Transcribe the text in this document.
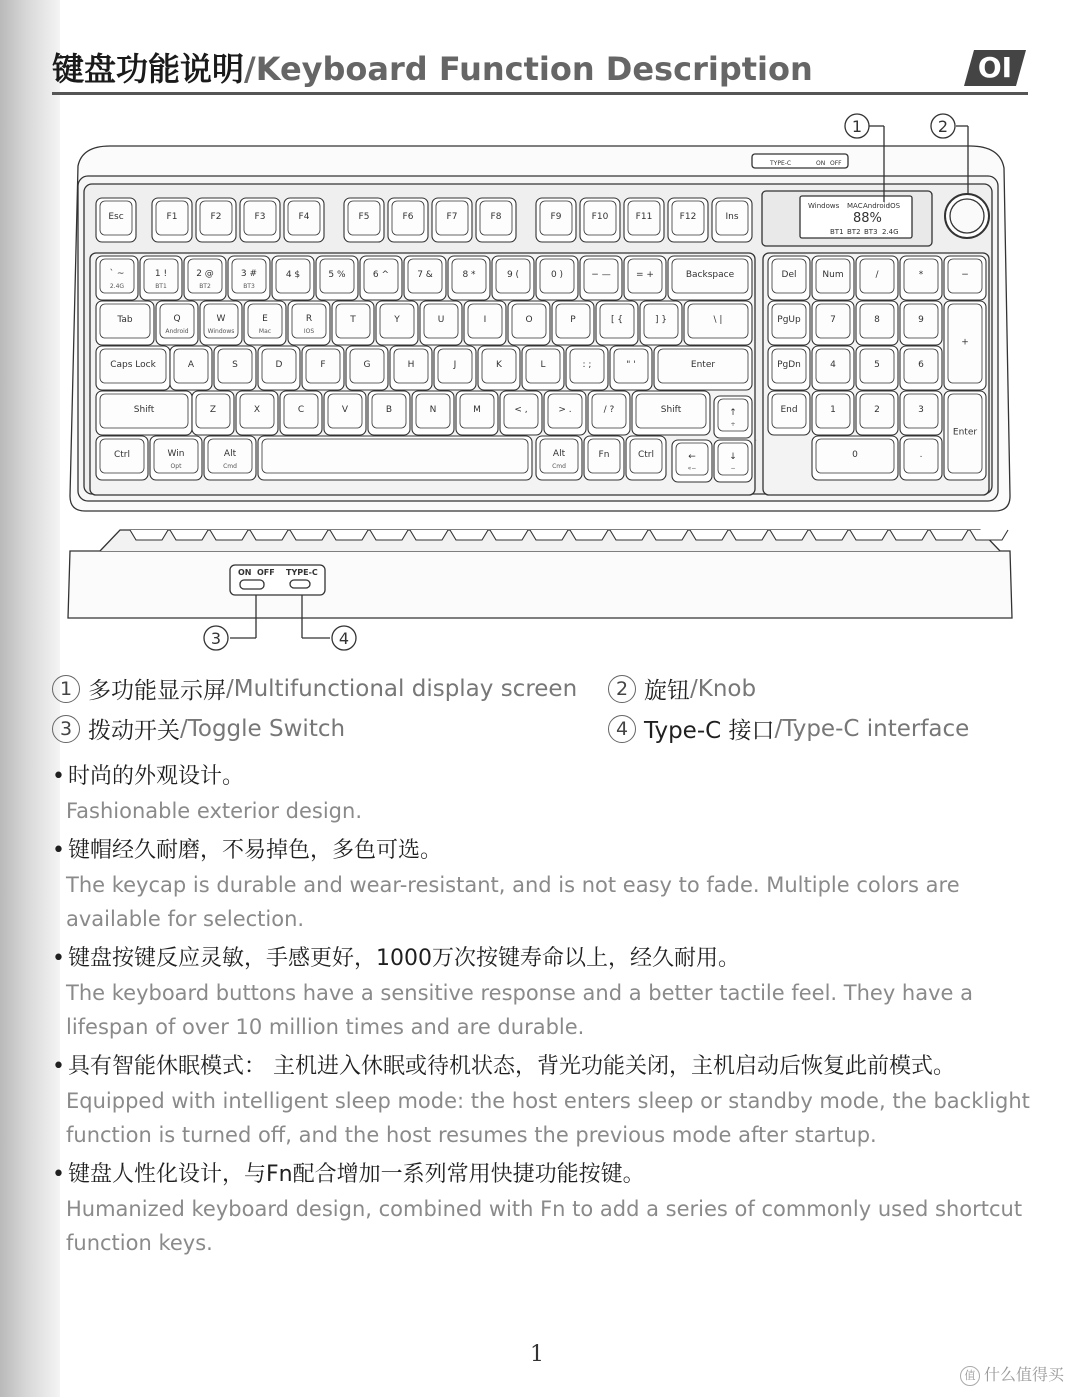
键盘功能说明/Keyboard Function Description	OI
Esc	F1	F2	F3	F4	F5	F6	F7	F8	F9	F10	F11	F12	Ins
` ~
2.4G
1 !
BT1
2 @
BT2
3 #
BT3
4 $	5 %	6 ^	7 &	8 *	9 (	0 )	− —	= +	Backspace
Tab	Q
Android
W
Windows
E
Mac
R
IOS
T	Y	U	I	O	P	[ {	] }	\ |
Caps Lock	A	S	D	F	G	H	J	K	L	: ;	" '	Enter
Shift	Z	X	C	V	B	N	M	< ,	> .	/ ?	Shift
Ctrl	Win
Opt
Alt
Cmd
Alt
Cmd
Fn	Ctrl
↑
+
←
«−
↓
−
Del	Num	/	*	−
PgUp	7	8	9
+
PgDn	4	5	6
End	1	2	3
Enter
0	.
1	2
3	4
Windows MAC Android
IOS
88%
BT1 BT2 BT3 2.4G
TYPE-C	ON OFF
ON OFF TYPE-C
1 多功能显示屏 /Multifunctional display screen	2 旋钮 /Knob
3 拨动开关 /Toggle Switch	4 Type-C 接口 /Type-C interface
• 时尚的外观设计。
Fashionable exterior design.
• 键帽经久耐磨，不易掉色，多色可选。
The keycap is durable and wear-resistant, and is not easy to fade. Multiple colors are available for selection.
• 键盘按键反应灵敏，手感更好，1000万次按键寿命以上，经久耐用。
The keyboard buttons have a sensitive response and a better tactile feel. They have a lifespan of over 10 million times and are durable.
• 具有智能休眠模式： 主机进入休眠或待机状态，背光功能关闭，主机启动后恢复此前模式。
Equipped with intelligent sleep mode: the host enters sleep or standby mode, the backlight function is turned off, and the host resumes the previous mode after startup.
• 键盘人性化设计，与Fn配合增加一系列常用快捷功能按键。
Humanized keyboard design, combined with Fn to add a series of commonly used shortcut function keys.
1
值 什么值得买
